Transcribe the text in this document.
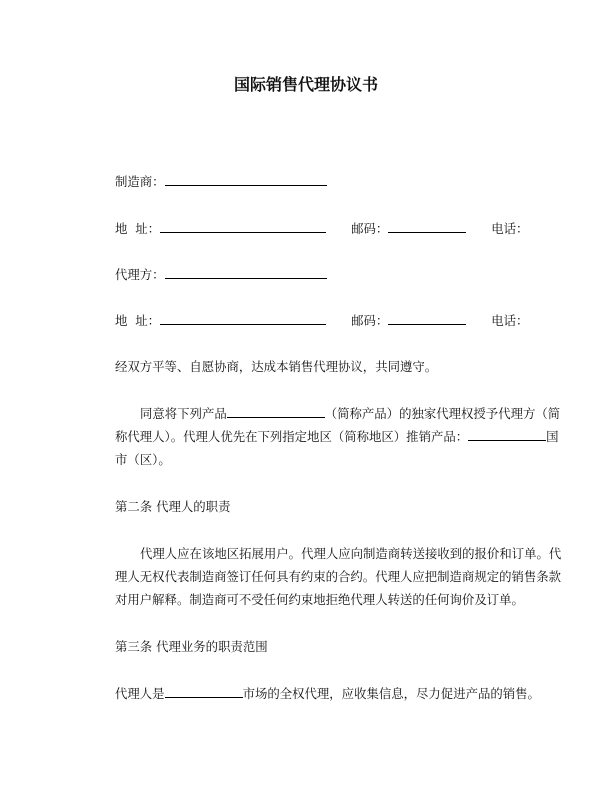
国际销售代理协议书
制造商：
地  址：	邮码：	电话：
代理方：
地  址：	邮码：	电话：
经双方平等、自愿协商，达成本销售代理协议，共同遵守。
同意将下列产品	（简称产品）的独家代理权授予代理方（简
称代理人）。代理人优先在下列指定地区（简称地区）推销产品：	国
市（区）。
第二条 代理人的职责
代理人应在该地区拓展用户。代理人应向制造商转送接收到的报价和订单。代
理人无权代表制造商签订任何具有约束的合约。代理人应把制造商规定的销售条款
对用户解释。制造商可不受任何约束地拒绝代理人转送的任何询价及订单。
第三条 代理业务的职责范围
代理人是	市场的全权代理，应收集信息，尽力促进产品的销售。
